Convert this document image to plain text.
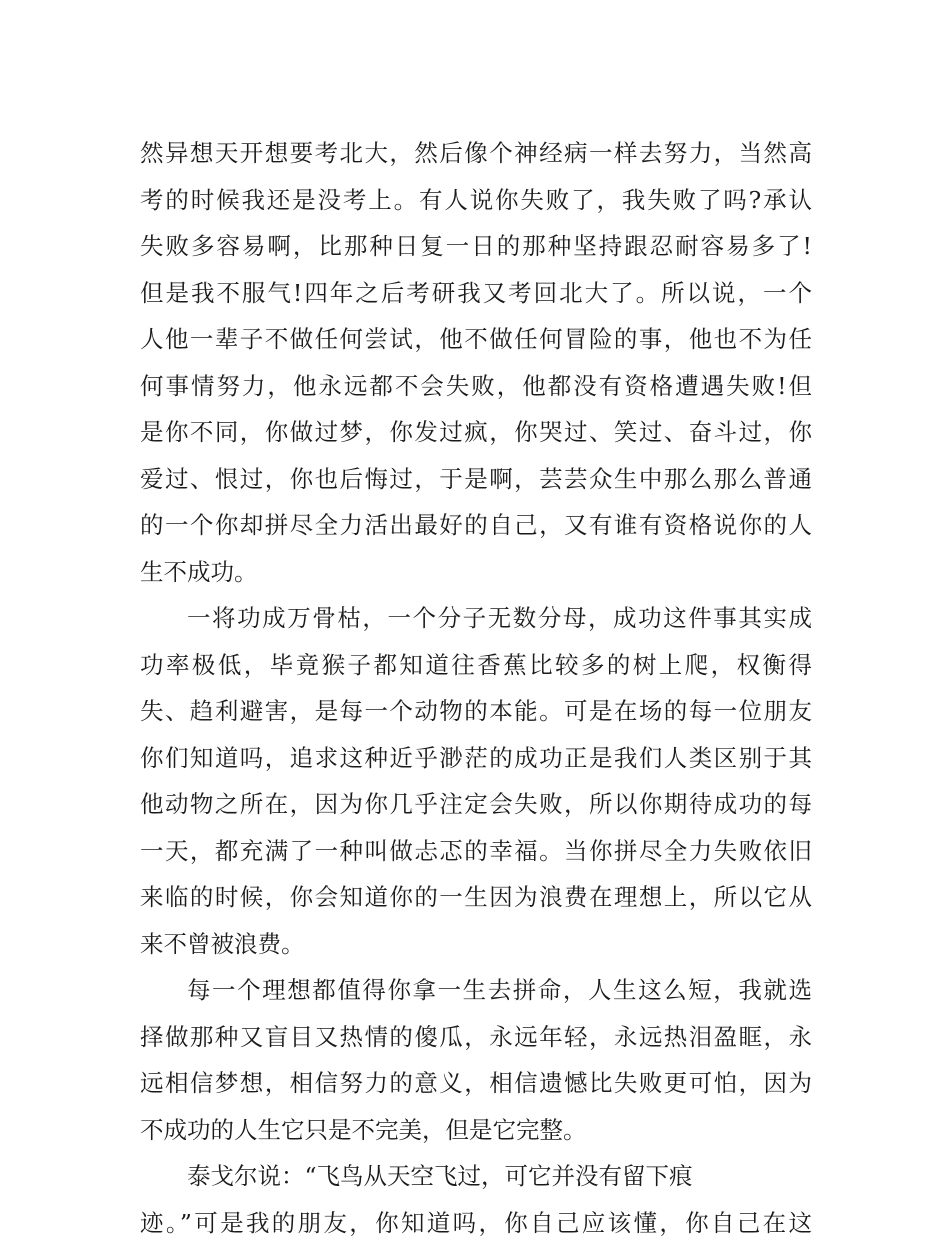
然异想天开想要考北大，然后像个神经病一样去努力，当然高
考的时候我还是没考上。有人说你失败了，我失败了吗?承认
失败多容易啊，比那种日复一日的那种坚持跟忍耐容易多了!
但是我不服气!四年之后考研我又考回北大了。所以说，一个
人他一辈子不做任何尝试，他不做任何冒险的事，他也不为任
何事情努力，他永远都不会失败，他都没有资格遭遇失败!但
是你不同，你做过梦，你发过疯，你哭过、笑过、奋斗过，你
爱过、恨过，你也后悔过，于是啊，芸芸众生中那么那么普通
的一个你却拼尽全力活出最好的自己，又有谁有资格说你的人
生不成功。
一将功成万骨枯，一个分子无数分母，成功这件事其实成
功率极低，毕竟猴子都知道往香蕉比较多的树上爬，权衡得
失、趋利避害，是每一个动物的本能。可是在场的每一位朋友
你们知道吗，追求这种近乎渺茫的成功正是我们人类区别于其
他动物之所在，因为你几乎注定会失败，所以你期待成功的每
一天，都充满了一种叫做忐忑的幸福。当你拼尽全力失败依旧
来临的时候，你会知道你的一生因为浪费在理想上，所以它从
来不曾被浪费。
每一个理想都值得你拿一生去拼命，人生这么短，我就选
择做那种又盲目又热情的傻瓜，永远年轻，永远热泪盈眶，永
远相信梦想，相信努力的意义，相信遗憾比失败更可怕，因为
不成功的人生它只是不完美，但是它完整。
泰戈尔说：“飞鸟从天空飞过，可它并没有留下痕
迹。”可是我的朋友，你知道吗，你自己应该懂，你自己在这
